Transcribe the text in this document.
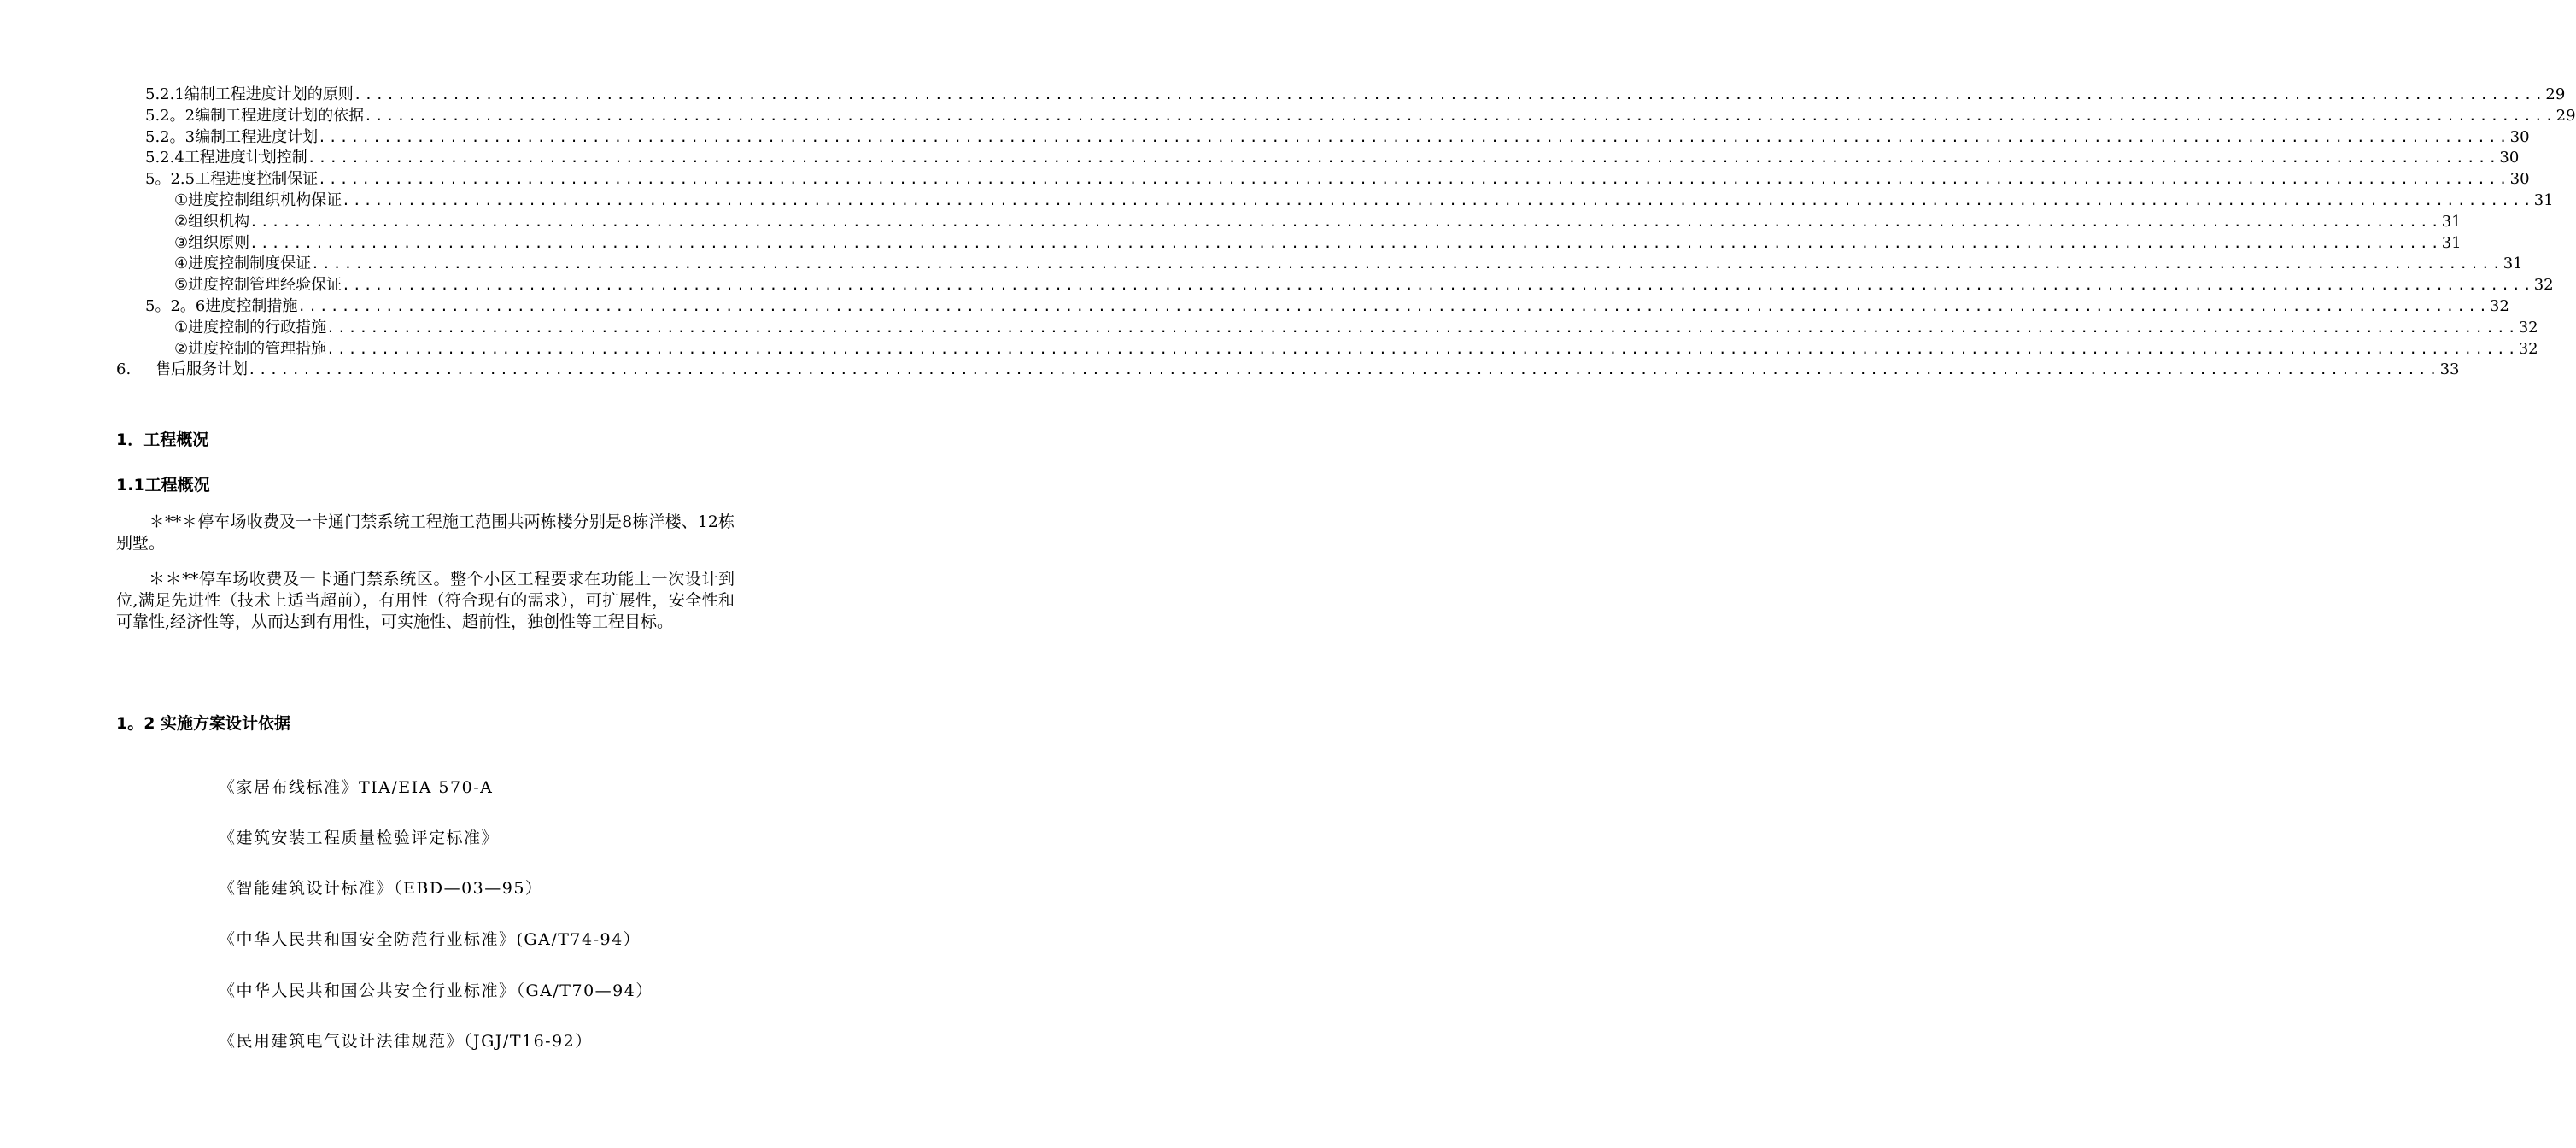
5.2.1 编制工程进度计划的原则 ........................................................................................................................................................................................................ 29
5.2。2 编制工程进度计划的依据 ........................................................................................................................................................................................................ 29
5.2。3 编制工程进度计划 ........................................................................................................................................................................................................ 30
5.2.4 工程进度计划控制 ........................................................................................................................................................................................................ 30
5。2.5 工程进度控制保证 ........................................................................................................................................................................................................ 30
① 进度控制组织机构保证 ........................................................................................................................................................................................................ 31
② 组织机构 ........................................................................................................................................................................................................ 31
③ 组织原则 ........................................................................................................................................................................................................ 31
④ 进度控制制度保证 ........................................................................................................................................................................................................ 31
⑤ 进度控制管理经验保证 ........................................................................................................................................................................................................ 32
5。2。6 进度控制措施 ........................................................................................................................................................................................................ 32
① 进度控制的行政措施 ........................................................................................................................................................................................................ 32
② 进度控制的管理措施 ........................................................................................................................................................................................................ 32
6.	售后服务计划 ........................................................................................................................................................................................................ 33
1．工程概况
1.1工程概况
＊**＊停车场收费及一卡通门禁系统工程施工范围共两栋楼分别是8栋洋楼、12栋别墅。
＊＊**停车场收费及一卡通门禁系统区。整个小区工程要求在功能上一次设计到位,满足先进性（技术上适当超前），有用性（符合现有的需求），可扩展性，安全性和可靠性,经济性等，从而达到有用性，可实施性、超前性，独创性等工程目标。
1。2 实施方案设计依据
《家居布线标准》TIA/EIA 570-A
《建筑安装工程质量检验评定标准》
《智能建筑设计标准》（EBD—03—95）
《中华人民共和国安全防范行业标准》(GA/T74-94）
《中华人民共和国公共安全行业标准》（GA/T70—94）
《民用建筑电气设计法律规范》（JGJ/T16-92）
